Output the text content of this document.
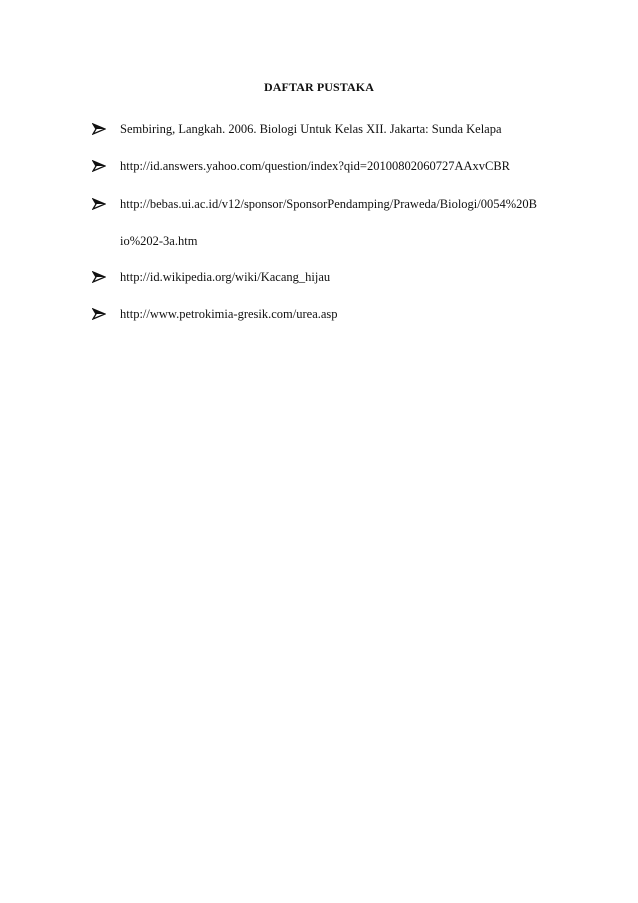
DAFTAR PUSTAKA
Sembiring, Langkah. 2006. Biologi Untuk Kelas XII. Jakarta: Sunda Kelapa
http://id.answers.yahoo.com/question/index?qid=20100802060727AAxvCBR
http://bebas.ui.ac.id/v12/sponsor/SponsorPendamping/Praweda/Biologi/0054%20B
io%202-3a.htm
http://id.wikipedia.org/wiki/Kacang_hijau
http://www.petrokimia-gresik.com/urea.asp
